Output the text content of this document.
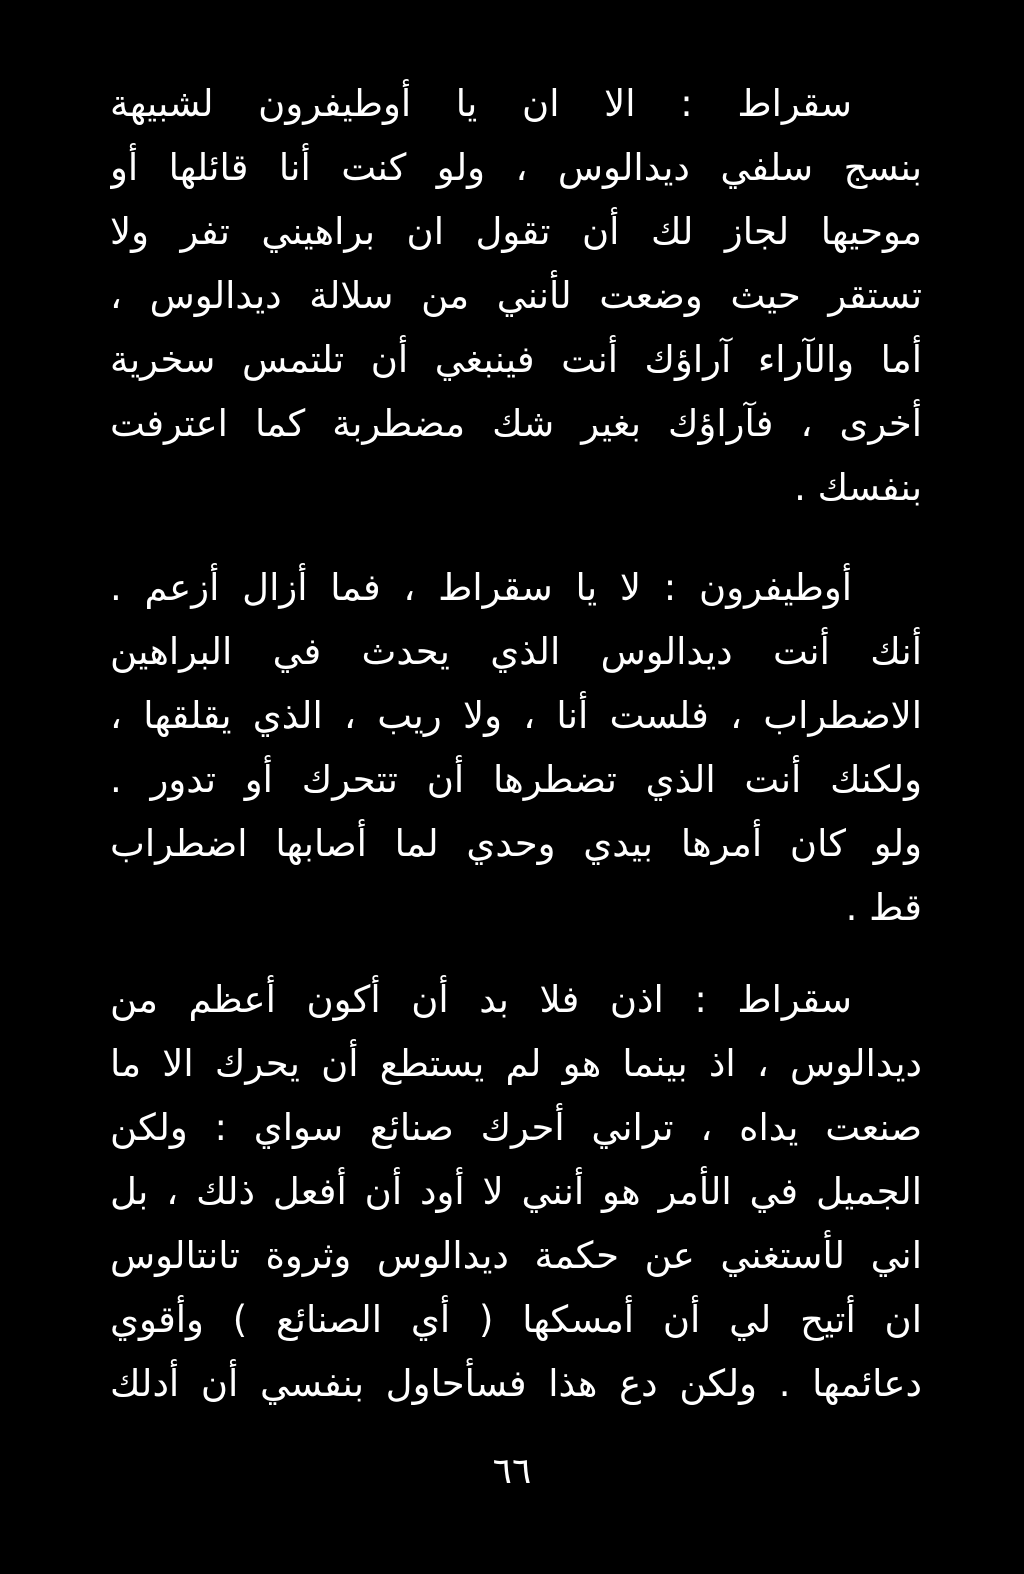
سقراط : الا ان يا أوطيفرون لشبيهة
بنسج سلفي ديدالوس ، ولو كنت أنا قائلها أو
موحيها لجاز لك أن تقول ان براهيني تفر ولا
تستقر حيث وضعت لأنني من سلالة ديدالوس ،
أما والآراء آراؤك أنت فينبغي أن تلتمس سخرية
أخرى ، فآراؤك بغير شك مضطربة كما اعترفت
بنفسك .
أوطيفرون : لا يا سقراط ، فما أزال أزعم .
أنك أنت ديدالوس الذي يحدث في البراهين
الاضطراب ، فلست أنا ، ولا ريب ، الذي يقلقها ،
ولكنك أنت الذي تضطرها أن تتحرك أو تدور .
ولو كان أمرها بيدي وحدي لما أصابها اضطراب
قط .
سقراط : اذن فلا بد أن أكون أعظم من
ديدالوس ، اذ بينما هو لم يستطع أن يحرك الا ما
صنعت يداه ، تراني أحرك صنائع سواي : ولكن
الجميل في الأمر هو أنني لا أود أن أفعل ذلك ، بل
اني لأستغني عن حكمة ديدالوس وثروة تانتالوس
ان أتيح لي أن أمسكها ( أي الصنائع ) وأقوي
دعائمها . ولكن دع هذا فسأحاول بنفسي أن أدلك
٦٦
